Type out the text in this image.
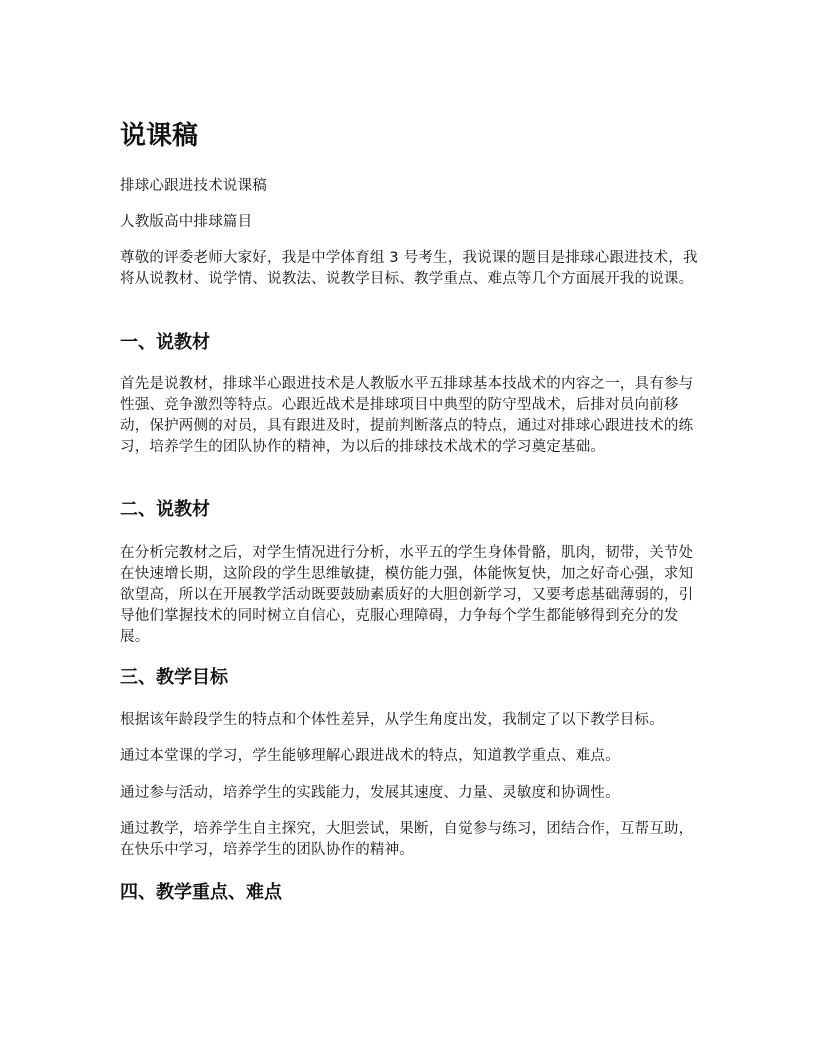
说课稿

排球心跟进技术说课稿

人教版高中排球篇目

尊敬的评委老师大家好，我是中学体育组 3 号考生，我说课的题目是排球心跟进技术，我将从说教材、说学情、说教法、说教学目标、教学重点、难点等几个方面展开我的说课。

一、说教材

首先是说教材，排球半心跟进技术是人教版水平五排球基本技战术的内容之一，具有参与性强、竞争激烈等特点。心跟近战术是排球项目中典型的防守型战术，后排对员向前移动，保护两侧的对员，具有跟进及时，提前判断落点的特点，通过对排球心跟进技术的练习，培养学生的团队协作的精神，为以后的排球技术战术的学习奠定基础。

二、说教材

在分析完教材之后，对学生情况进行分析，水平五的学生身体骨骼，肌肉，韧带，关节处在快速增长期，这阶段的学生思维敏捷，模仿能力强，体能恢复快，加之好奇心强，求知欲望高，所以在开展教学活动既要鼓励素质好的大胆创新学习，又要考虑基础薄弱的，引导他们掌握技术的同时树立自信心，克服心理障碍，力争每个学生都能够得到充分的发展。

三、教学目标

根据该年龄段学生的特点和个体性差异，从学生角度出发，我制定了以下教学目标。

通过本堂课的学习，学生能够理解心跟进战术的特点，知道教学重点、难点。

通过参与活动，培养学生的实践能力，发展其速度、力量、灵敏度和协调性。

通过教学，培养学生自主探究，大胆尝试，果断，自觉参与练习，团结合作，互帮互助，在快乐中学习，培养学生的团队协作的精神。

四、教学重点、难点
